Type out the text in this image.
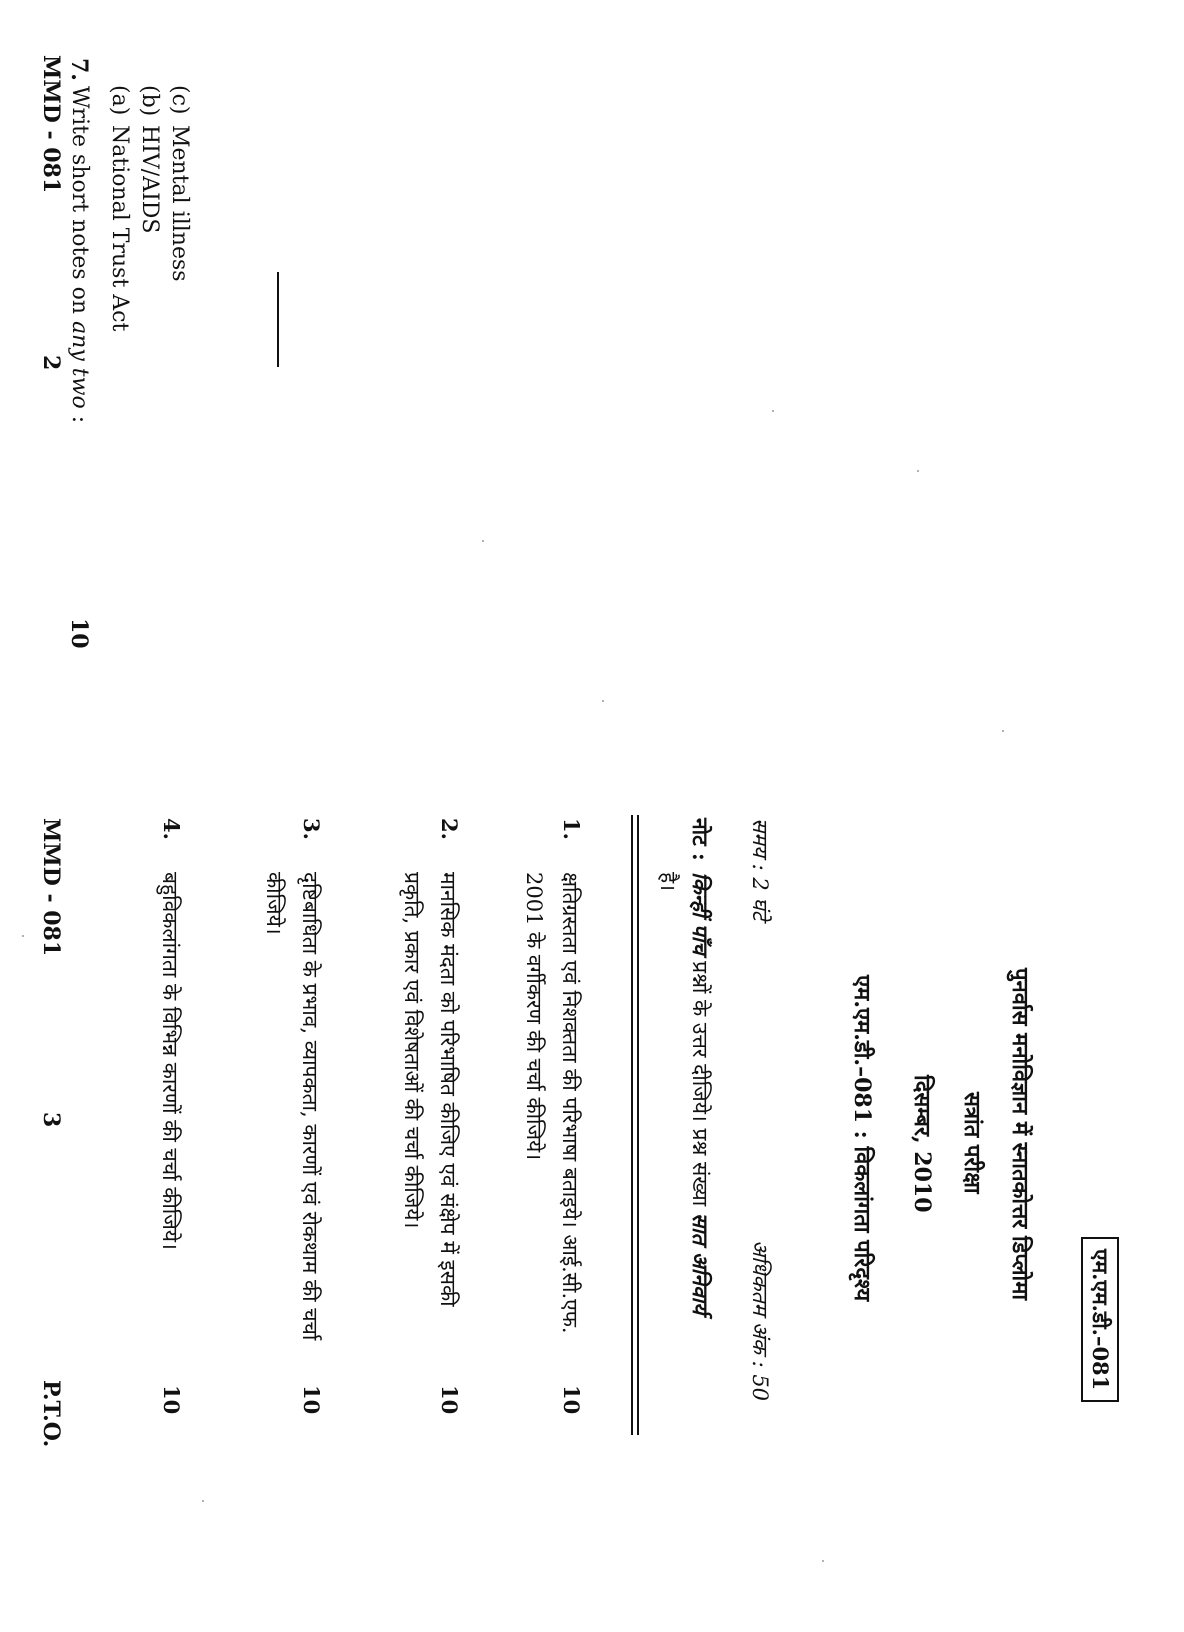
7.
Write short notes on any two :
10
(a)
National Trust Act
(b)
HIV/AIDS
(c)
Mental illness
MMD - 081
2
एम.एम.डी.–081
पुनर्वास मनोविज्ञान में स्नातकोत्तर डिप्लोमा
सत्रांत परीक्षा
दिसम्बर, 2010
एम.एम.डी.–081 : विकलांगता परिदृश्य
समय : 2 घंटे
अधिकतम अंक : 50
नोट :
किन्हीं पाँच प्रश्नों के उत्तर दीजिये। प्रश्न संख्या सात अनिवार्य
है।
1.
क्षतिग्रस्तता एवं निशक्तता की परिभाषा बताइये। आई.सी.एफ.
2001 के वर्गीकरण की चर्चा कीजिये।
10
2.
मानसिक मंदता को परिभाषित कीजिए एवं संक्षेप में इसकी
प्रकृति, प्रकार एवं विशेषताओं की चर्चा कीजिये।
10
3.
दृष्टिबाधिता के प्रभाव, व्यापकता, कारणों एवं रोकथाम की चर्चा
कीजिये।
10
4.
बहुविकलांगता के विभिन्न कारणों की चर्चा कीजिये।
10
MMD - 081
3
P.T.O.
